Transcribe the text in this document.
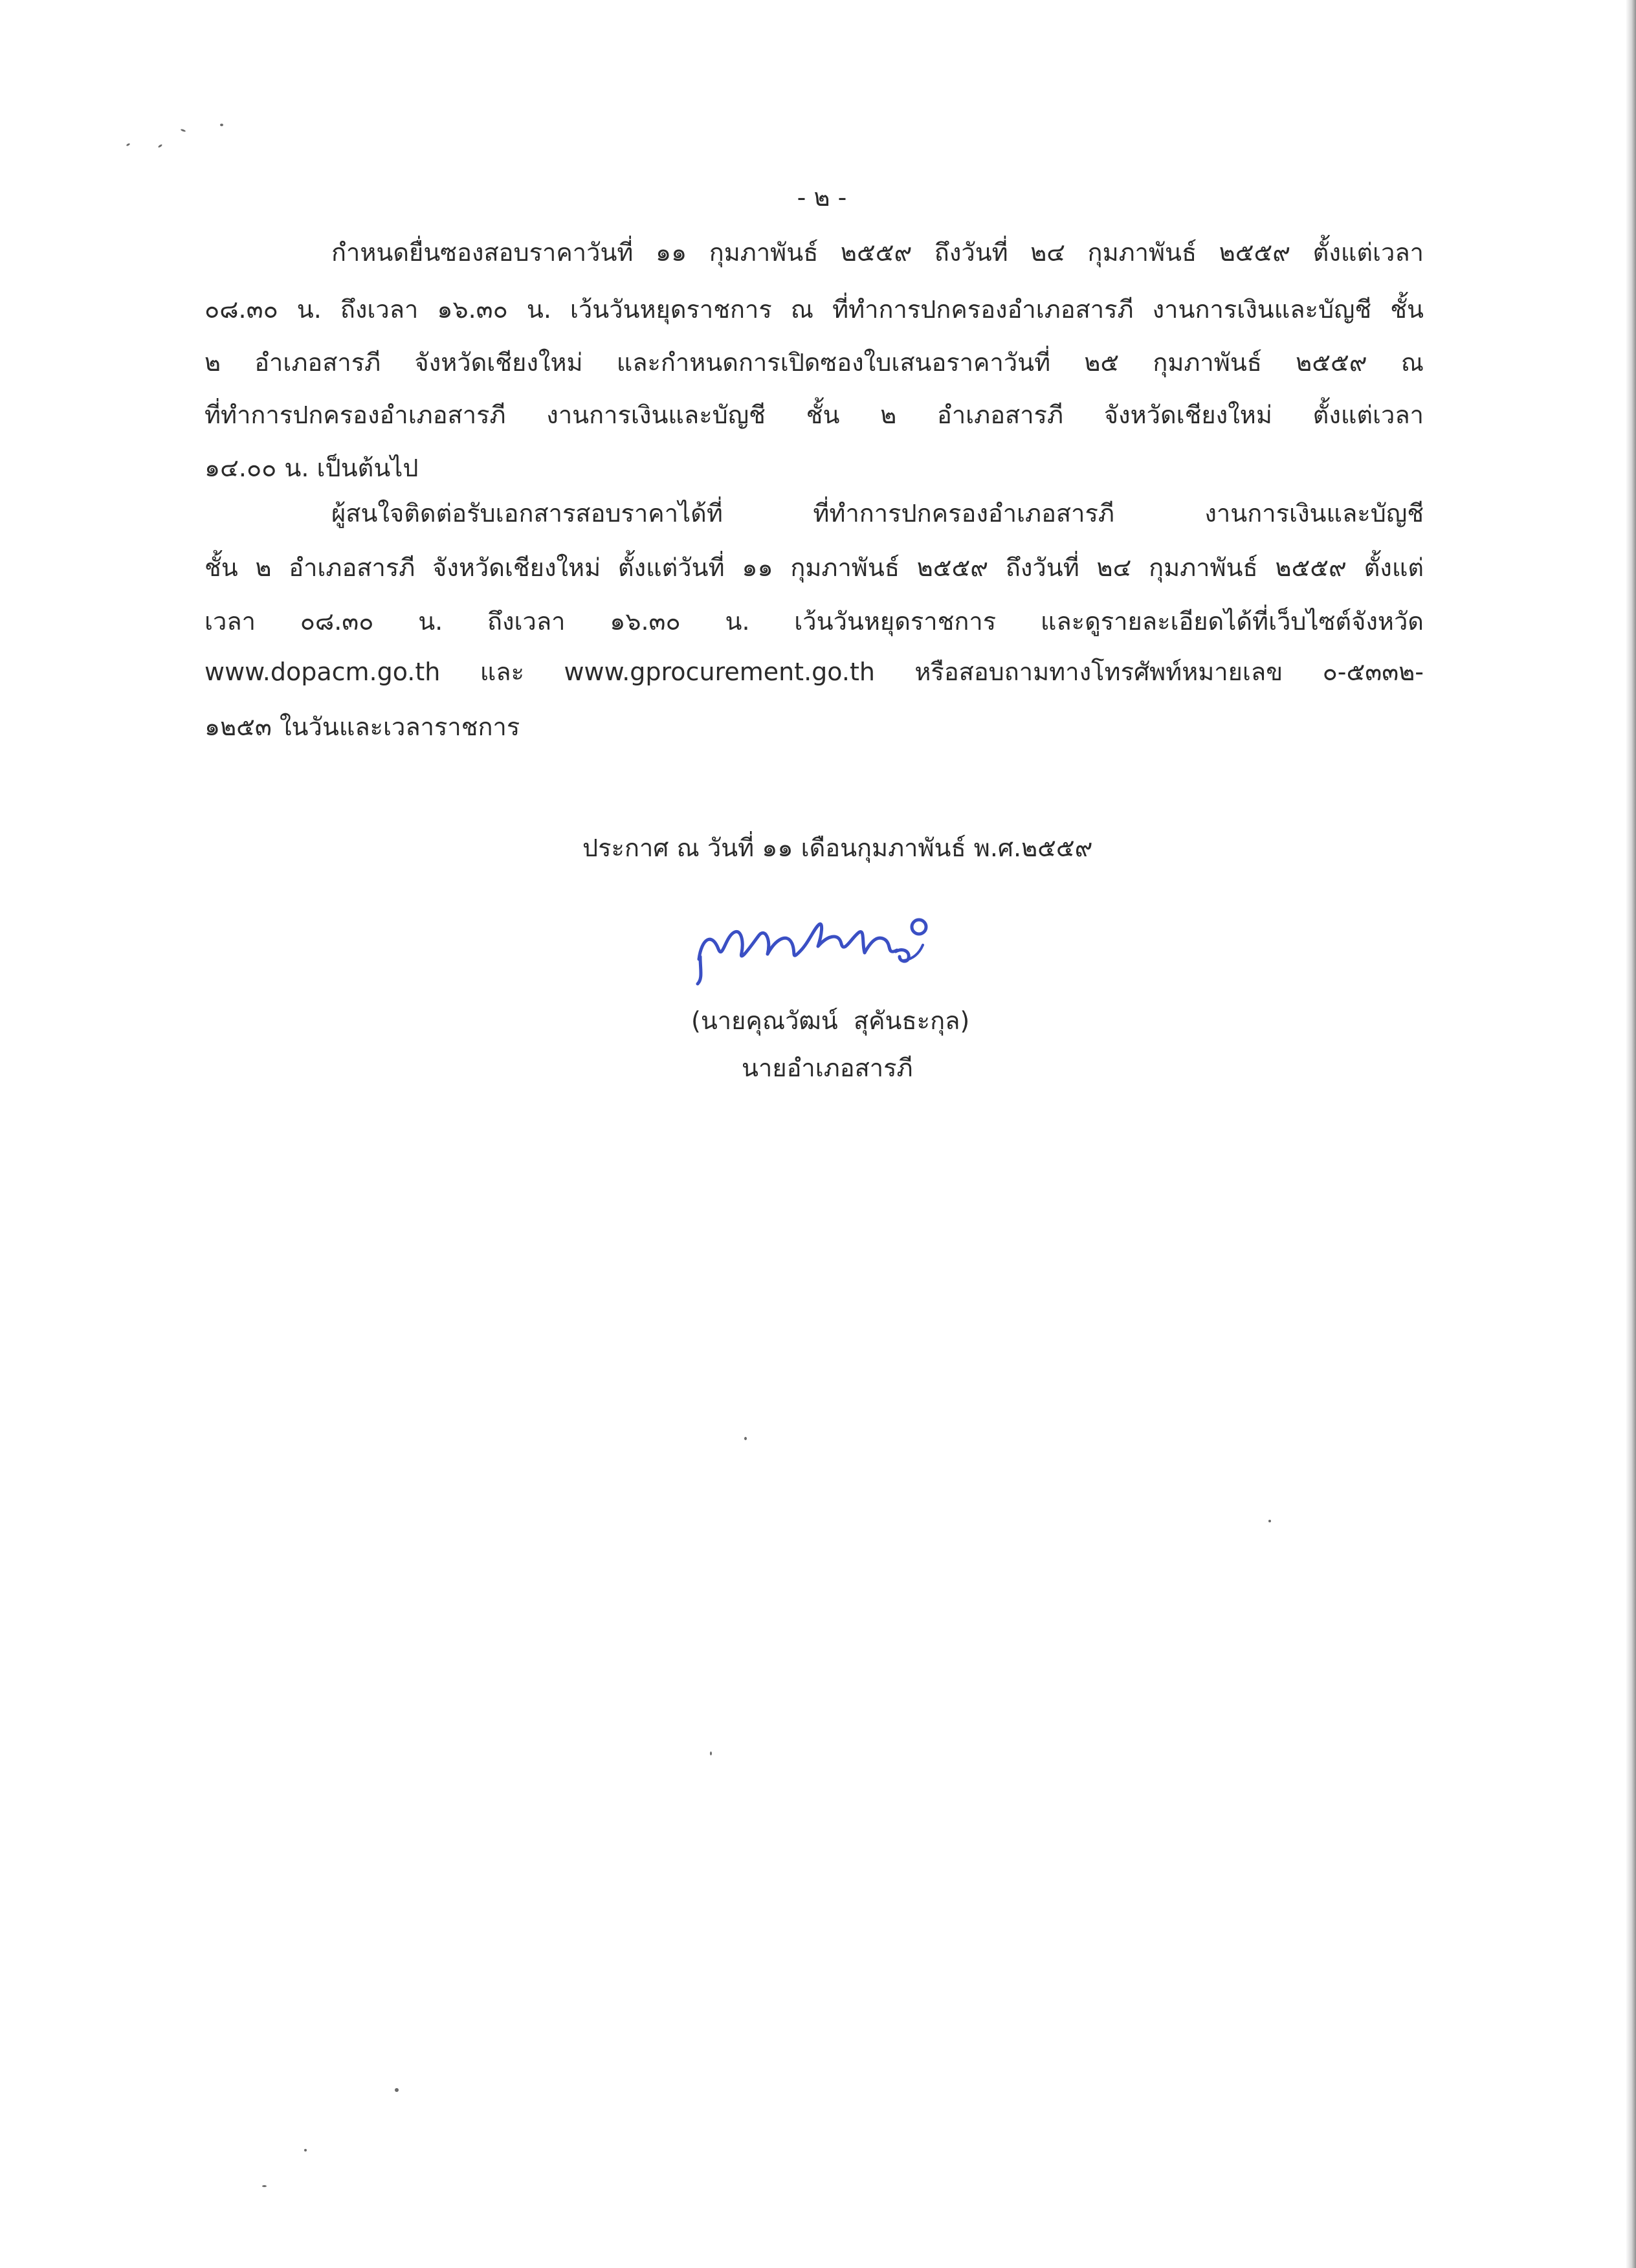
- ๒ -
กำหนดยื่นซองสอบราคาวันที่ ๑๑ กุมภาพันธ์ ๒๕๕๙ ถึงวันที่ ๒๔ กุมภาพันธ์ ๒๕๕๙ ตั้งแต่เวลา
๐๘.๓๐ น. ถึงเวลา ๑๖.๓๐ น. เว้นวันหยุดราชการ ณ ที่ทำการปกครองอำเภอสารภี งานการเงินและบัญชี ชั้น
๒ อำเภอสารภี จังหวัดเชียงใหม่ และกำหนดการเปิดซองใบเสนอราคาวันที่ ๒๕ กุมภาพันธ์ ๒๕๕๙ ณ
ที่ทำการปกครองอำเภอสารภี งานการเงินและบัญชี ชั้น ๒ อำเภอสารภี จังหวัดเชียงใหม่ ตั้งแต่เวลา
๑๔.๐๐ น. เป็นต้นไป
ผู้สนใจติดต่อรับเอกสารสอบราคาได้ที่ ที่ทำการปกครองอำเภอสารภี งานการเงินและบัญชี
ชั้น ๒ อำเภอสารภี จังหวัดเชียงใหม่ ตั้งแต่วันที่ ๑๑ กุมภาพันธ์ ๒๕๕๙ ถึงวันที่ ๒๔ กุมภาพันธ์ ๒๕๕๙ ตั้งแต่
เวลา ๐๘.๓๐ น. ถึงเวลา ๑๖.๓๐ น. เว้นวันหยุดราชการ และดูรายละเอียดได้ที่เว็บไซต์จังหวัด
www.dopacm.go.th และ www.gprocurement.go.th หรือสอบถามทางโทรศัพท์หมายเลข ๐-๕๓๓๒-
๑๒๕๓ ในวันและเวลาราชการ
ประกาศ ณ วันที่ ๑๑ เดือนกุมภาพันธ์ พ.ศ.๒๕๕๙
(นายคุณวัฒน์  สุคันธะกุล)
นายอำเภอสารภี
